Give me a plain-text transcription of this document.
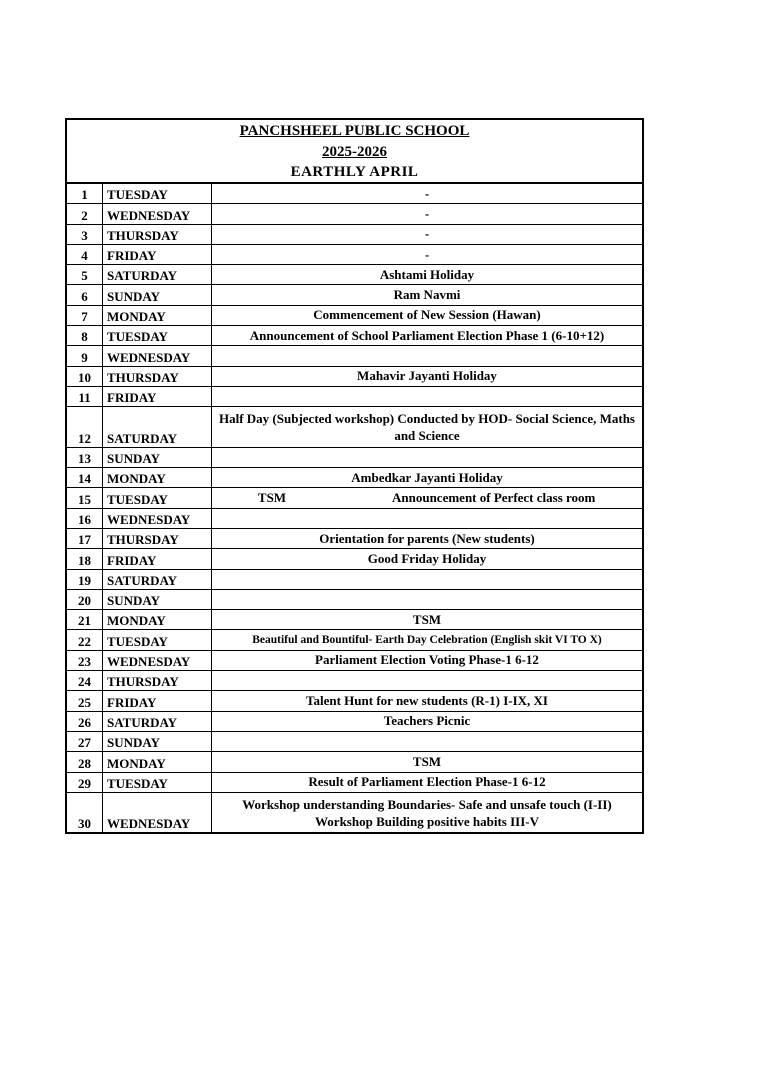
PANCHSHEEL PUBLIC SCHOOL
2025-2026
EARTHLY APRIL
1	TUESDAY	-
2	WEDNESDAY	-
3	THURSDAY	-
4	FRIDAY	-
5	SATURDAY	Ashtami Holiday
6	SUNDAY	Ram Navmi
7	MONDAY	Commencement of New Session (Hawan)
8	TUESDAY	Announcement of School Parliament Election Phase 1 (6-10+12)
9	WEDNESDAY	
10	THURSDAY	Mahavir Jayanti Holiday
11	FRIDAY	
12	SATURDAY	Half Day (Subjected workshop) Conducted by HOD- Social Science, Maths and Science
13	SUNDAY	
14	MONDAY	Ambedkar Jayanti Holiday
15	TUESDAY	TSM Announcement of Perfect class room

16	WEDNESDAY	
17	THURSDAY	Orientation for parents (New students)
18	FRIDAY	Good Friday Holiday
19	SATURDAY	
20	SUNDAY	
21	MONDAY	TSM
22	TUESDAY	Beautiful and Bountiful- Earth Day Celebration (English skit VI TO X)
23	WEDNESDAY	Parliament Election Voting Phase-1 6-12
24	THURSDAY	
25	FRIDAY	Talent Hunt for new students (R-1) I-IX, XI
26	SATURDAY	Teachers Picnic
27	SUNDAY	
28	MONDAY	TSM
29	TUESDAY	Result of Parliament Election Phase-1 6-12
30	WEDNESDAY	Workshop understanding Boundaries- Safe and unsafe touch (I-II)
Workshop Building positive habits III-V
